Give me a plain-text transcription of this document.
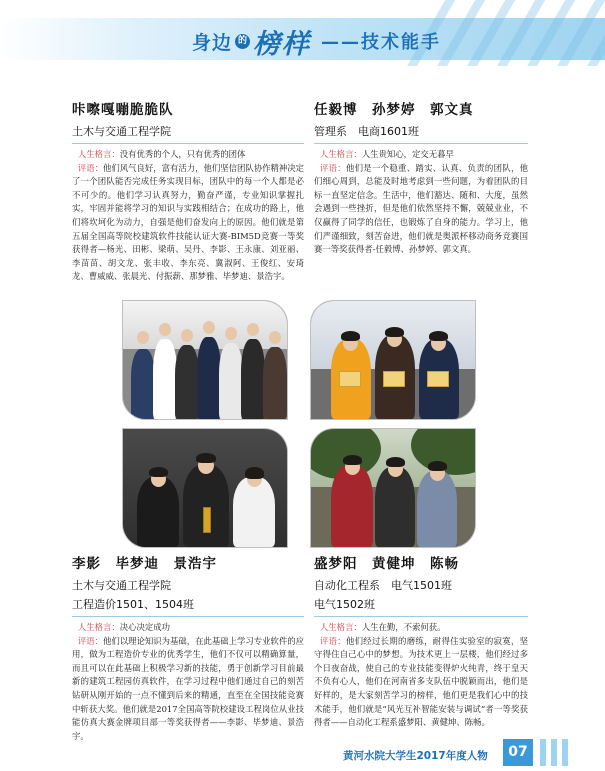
身边 的 榜样 ——技术能手
咔嚓嘎嘣脆脆队
土木与交通工程学院
人生格言：没有优秀的个人，只有优秀的团体
评语：他们风气良好，富有活力，他们坚信团队协作精神决定了一个团队能否完成任务实现目标，团队中的每一个人都是必不可少的。他们学习认真努力，勤奋严谨，专业知识掌握扎实，牢固并能将学习的知识与实践相结合；在成功的路上，他们将坎坷化为动力，自强是他们奋发向上的原因。他们就是第五届全国高等院校建筑软件技能认证大赛-BIM5D竞赛一等奖获得者—杨光、田彬、梁萌、吴丹、李影、王永康、刘亚丽、李苗苗、胡文龙、张丰收、李东亮、冀淑阿、王俊红、安琦龙、曹威威、张晨光、付振薪、那梦雅、毕梦迪、景浩宇。
任毅博　孙梦婷　郭文真
管理系　电商1601班
人生格言：人生贵知心，定交无暮早
评语：他们是一个稳重、踏实、认真、负责的团队，他们细心周到，总能及时地考虑到一些问题，为着团队的目标一直坚定信念。生活中，他们豁达、随和、大度，虽然会遇到一些挫折，但是他们依然坚持不懈，兢兢业业，不仅赢得了同学的信任，也锻炼了自身的能力。学习上，他们严谨细致，刻苦奋进，他们就是奥派杯移动商务竞赛国赛一等奖获得者-任毅博、孙梦婷、郭文真。
李影　毕梦迪　景浩宇
土木与交通工程学院
工程造价1501、1504班
人生格言：决心决定成功
评语：他们以理论知识为基础，在此基础上学习专业软件的应用，做为工程造价专业的优秀学生，他们不仅可以精确算量，而且可以在此基础上积极学习新的技能，勇于创新学习目前最新的建筑工程园仿真软件，在学习过程中他们通过自己的刻苦钻研从刚开始的一点不懂到后来的精通，直至在全国技能竞赛中斩获大奖。他们就是2017全国高等院校建设工程岗位从业技能仿真大赛金牌项目部一等奖获得者——李影、毕梦迪、景浩宇。
盛梦阳　黄健坤　陈畅
自动化工程系　电气1501班
电气1502班
人生格言：人生在勤，不索何获。
评语：他们经过长期的磨练，耐得住实验室的寂寞，坚守得住自己心中的梦想。为技术更上一层楼，他们经过多个日夜奋战，使自己的专业技能变得炉火纯青，终于皇天不负有心人，他们在河南省多支队伍中脱颖而出，他们是好样的，是大家刻苦学习的榜样，他们更是我们心中的技术能手，他们就是“风光互补智能安装与调试”者一等奖获得者——自动化工程系盛梦阳、黄健坤、陈畅。
黄河水院大学生2017年度人物	07
